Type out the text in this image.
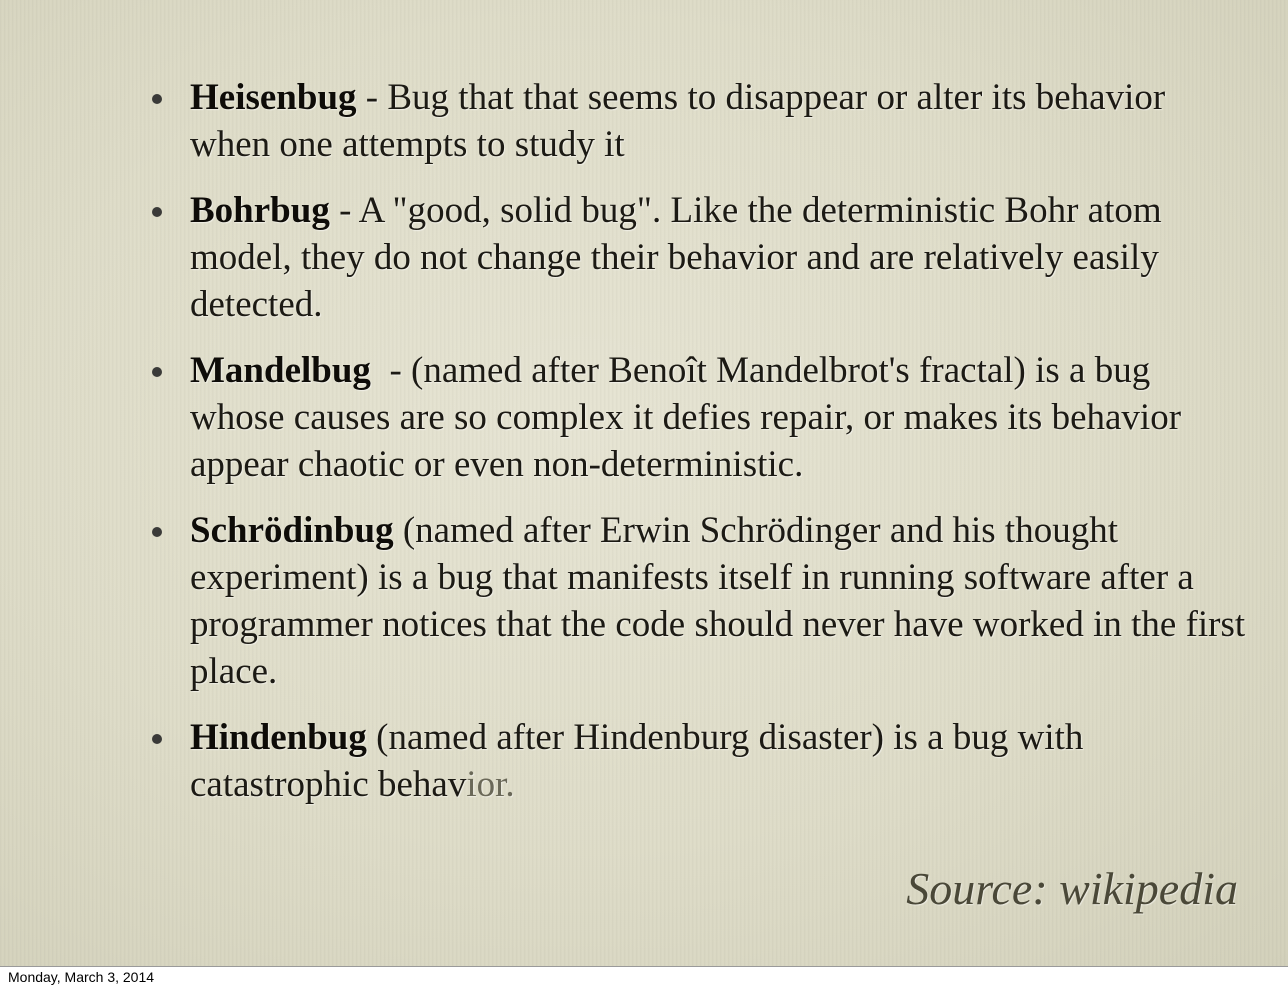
Heisenbug - Bug that that seems to disappear or alter its behavior when one attempts to study it
Bohrbug - A "good, solid bug". Like the deterministic Bohr atom model, they do not change their behavior and are relatively easily detected.
Mandelbug  - (named after Benoît Mandelbrot's fractal) is a bug whose causes are so complex it defies repair, or makes its behavior appear chaotic or even non-deterministic.
Schrödinbug (named after Erwin Schrödinger and his thought experiment) is a bug that manifests itself in running software after a programmer notices that the code should never have worked in the first place.
Hindenbug (named after Hindenburg disaster) is a bug with catastrophic behavior.
Source: wikipedia
Monday, March 3, 2014
